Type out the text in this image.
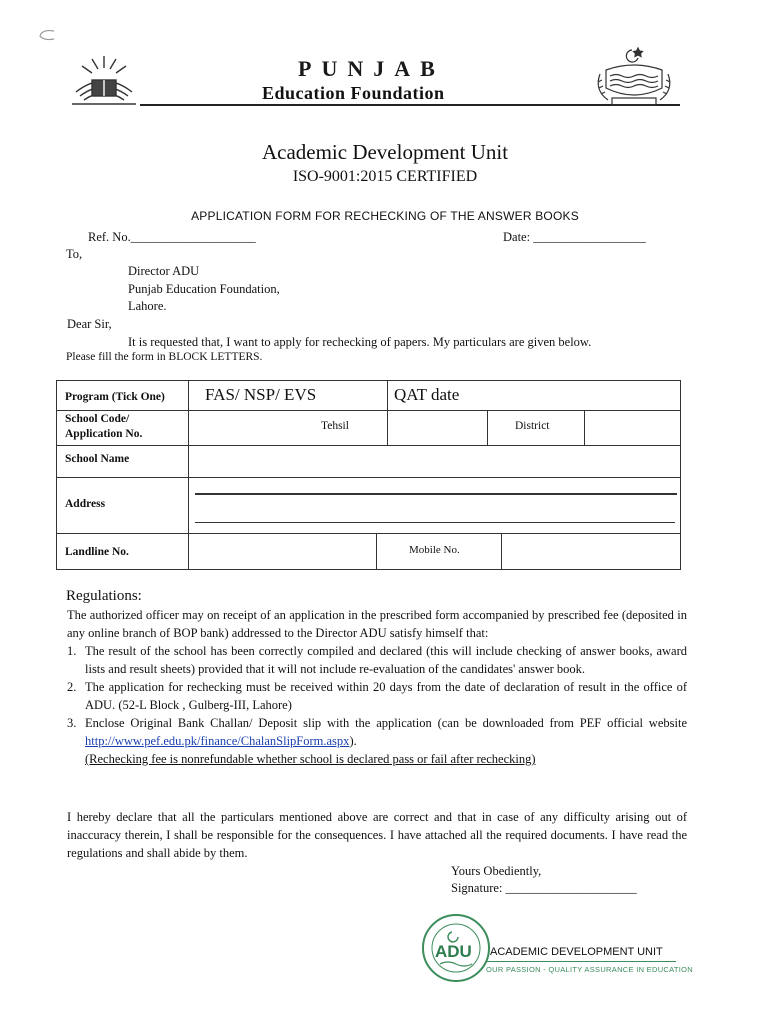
PUNJAB
Education Foundation
Academic Development Unit
ISO-9001:2015 CERTIFIED
APPLICATION FORM FOR RECHECKING OF THE ANSWER BOOKS
Ref. No.____________________	Date: __________________
To,
Director ADU
Punjab Education Foundation,
Lahore.
Dear Sir,
It is requested that, I want to apply for rechecking of papers. My particulars are given below.
Please fill the form in BLOCK LETTERS.
Program (Tick One) FAS/ NSP/ EVS	QAT date
School Code/
Application No.
Tehsil	District
School Name
Address
Landline No.	Mobile No.
Regulations:
The authorized officer may on receipt of an application in the prescribed form accompanied by prescribed fee (deposited in any online branch of BOP bank) addressed to the Director ADU satisfy himself that:
1. The result of the school has been correctly compiled and declared (this will include checking of answer books, award lists and result sheets) provided that it will not include re-evaluation of the candidates' answer book.
2. The application for rechecking must be received within 20 days from the date of declaration of result in the office of ADU. (52-L Block , Gulberg-III, Lahore)
3. Enclose Original Bank Challan/ Deposit slip with the application (can be downloaded from PEF official website http://www.pef.edu.pk/finance/ChalanSlipForm.aspx).
(Rechecking fee is nonrefundable whether school is declared pass or fail after rechecking)
I hereby declare that all the particulars mentioned above are correct and that in case of any difficulty arising out of inaccuracy therein, I shall be responsible for the consequences. I have attached all the required documents. I have read the regulations and shall abide by them.
Yours Obediently,
Signature: _____________________
ADU ACADEMIC DEVELOPMENT UNIT
OUR PASSION - QUALITY ASSURANCE IN EDUCATION
